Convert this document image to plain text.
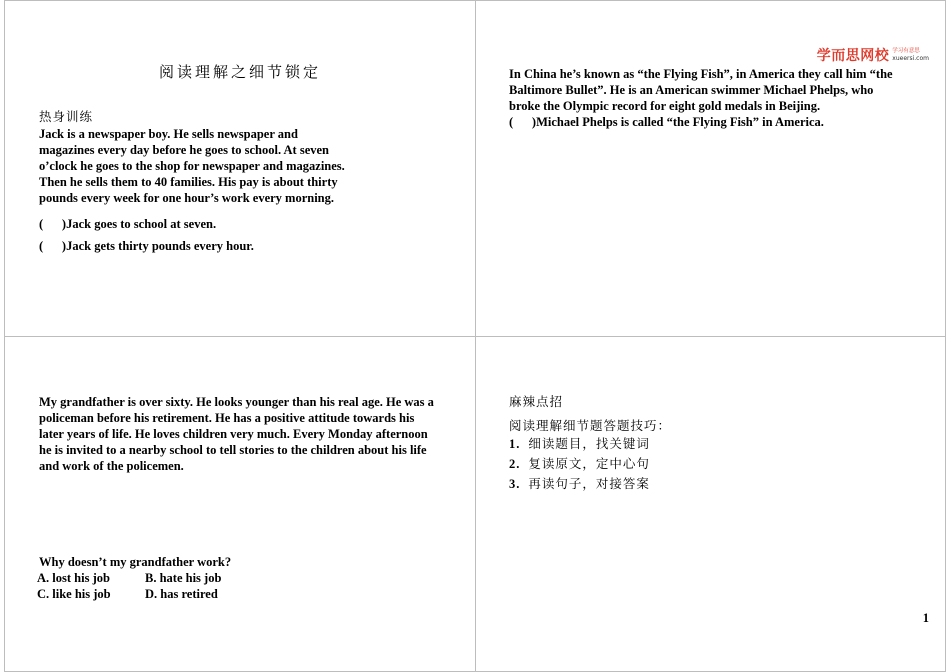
阅读理解之细节锁定
热身训练
Jack is a newspaper boy. He sells newspaper and magazines every day before he goes to school. At seven o’clock he goes to the shop for newspaper and magazines. Then he sells them to 40 families. His pay is about thirty pounds every week for one hour’s work every morning.
(      )Jack goes to school at seven.
(      )Jack gets thirty pounds every hour.
学而思网校 学习有意思
xueersi.com
In China he’s known as “the Flying Fish”, in America they call him “the Baltimore Bullet”. He is an American swimmer Michael Phelps, who broke the Olympic record for eight gold medals in Beijing.
(      )Michael Phelps is called “the Flying Fish” in America.
My grandfather is over sixty. He looks younger than his real age. He was a policeman before his retirement. He has a positive attitude towards his later years of life. He loves children very much. Every Monday afternoon he is invited to a nearby school to tell stories to the children about his life and work of the policemen.
Why doesn’t my grandfather work?
A. lost his job	B. hate his job
C. like his job	D. has retired
麻辣点招
阅读理解细节题答题技巧：
1. 细读题目，找关键词
2. 复读原文，定中心句
3. 再读句子，对接答案
1
